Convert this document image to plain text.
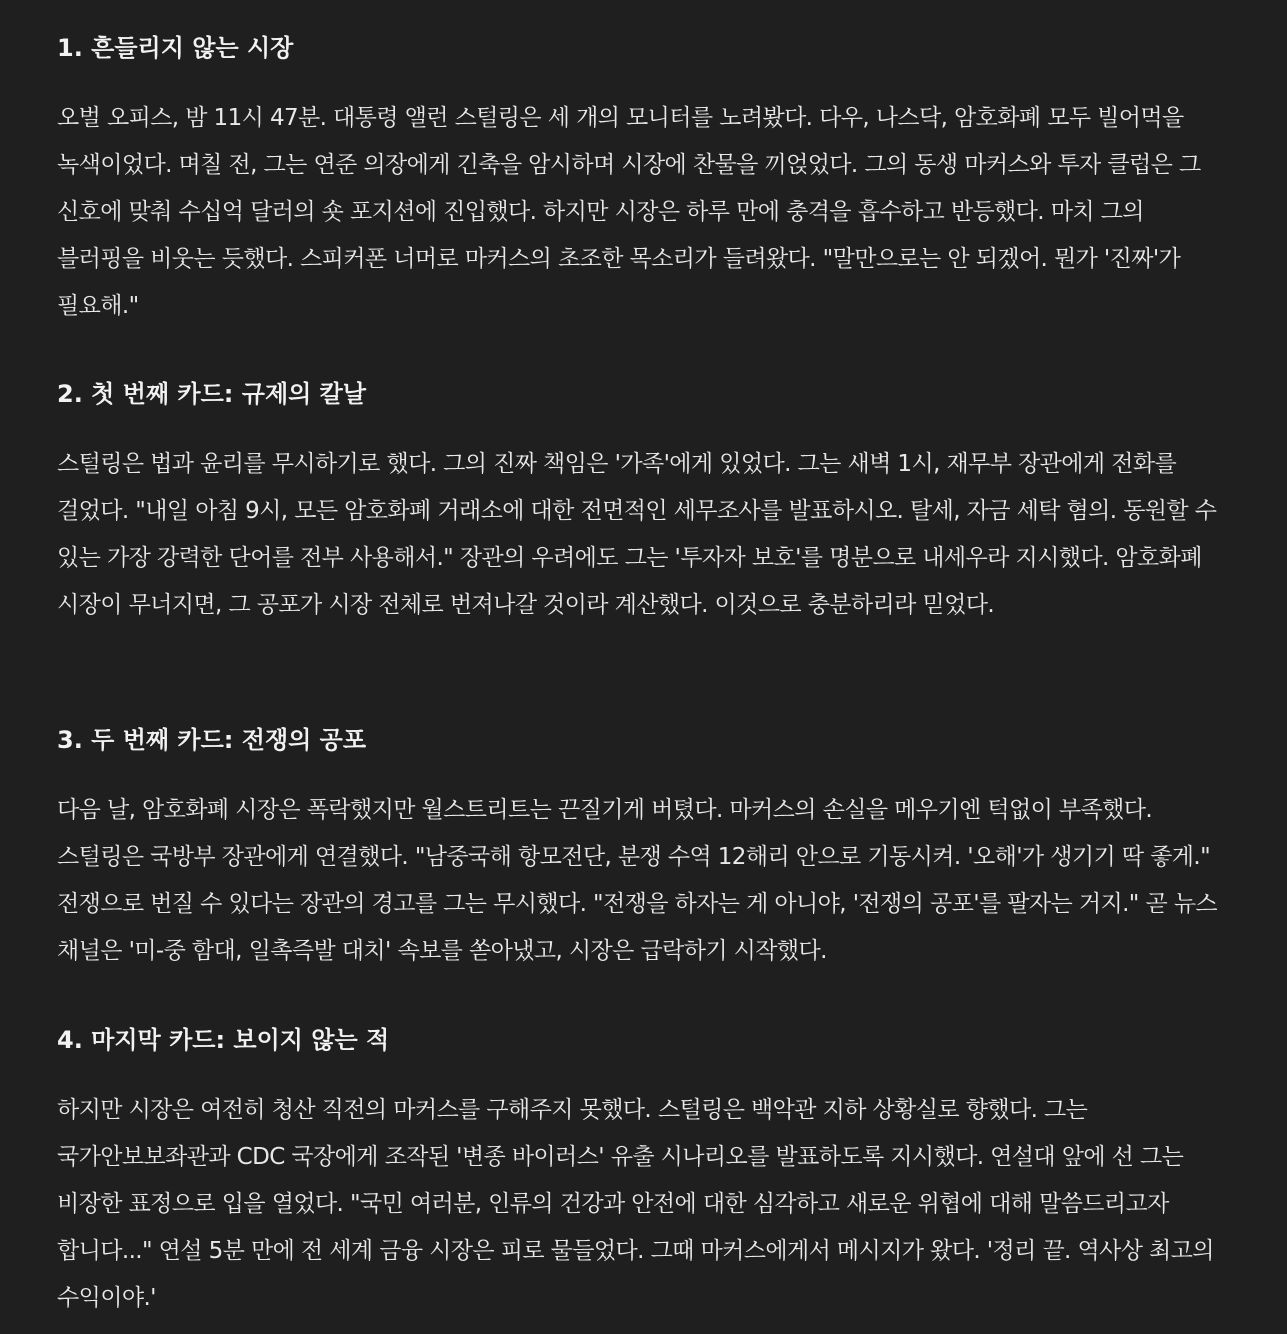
1. 흔들리지 않는 시장

오벌 오피스, 밤 11시 47분. 대통령 앨런 스털링은 세 개의 모니터를 노려봤다. 다우, 나스닥, 암호화폐 모두 빌어먹을 녹색이었다. 며칠 전, 그는 연준 의장에게 긴축을 암시하며 시장에 찬물을 끼얹었다. 그의 동생 마커스와 투자 클럽은 그 신호에 맞춰 수십억 달러의 숏 포지션에 진입했다. 하지만 시장은 하루 만에 충격을 흡수하고 반등했다. 마치 그의 블러핑을 비웃는 듯했다. 스피커폰 너머로 마커스의 초조한 목소리가 들려왔다. "말만으로는 안 되겠어. 뭔가 '진짜'가 필요해."

2. 첫 번째 카드: 규제의 칼날

스털링은 법과 윤리를 무시하기로 했다. 그의 진짜 책임은 '가족'에게 있었다. 그는 새벽 1시, 재무부 장관에게 전화를 걸었다. "내일 아침 9시, 모든 암호화폐 거래소에 대한 전면적인 세무조사를 발표하시오. 탈세, 자금 세탁 혐의. 동원할 수 있는 가장 강력한 단어를 전부 사용해서." 장관의 우려에도 그는 '투자자 보호'를 명분으로 내세우라 지시했다. 암호화폐 시장이 무너지면, 그 공포가 시장 전체로 번져나갈 것이라 계산했다. 이것으로 충분하리라 믿었다.

3. 두 번째 카드: 전쟁의 공포

다음 날, 암호화폐 시장은 폭락했지만 월스트리트는 끈질기게 버텼다. 마커스의 손실을 메우기엔 턱없이 부족했다. 스털링은 국방부 장관에게 연결했다. "남중국해 항모전단, 분쟁 수역 12해리 안으로 기동시켜. '오해'가 생기기 딱 좋게." 전쟁으로 번질 수 있다는 장관의 경고를 그는 무시했다. "전쟁을 하자는 게 아니야, '전쟁의 공포'를 팔자는 거지." 곧 뉴스 채널은 '미-중 함대, 일촉즉발 대치' 속보를 쏟아냈고, 시장은 급락하기 시작했다.

4. 마지막 카드: 보이지 않는 적

하지만 시장은 여전히 청산 직전의 마커스를 구해주지 못했다. 스털링은 백악관 지하 상황실로 향했다. 그는 국가안보보좌관과 CDC 국장에게 조작된 '변종 바이러스' 유출 시나리오를 발표하도록 지시했다. 연설대 앞에 선 그는 비장한 표정으로 입을 열었다. "국민 여러분, 인류의 건강과 안전에 대한 심각하고 새로운 위협에 대해 말씀드리고자 합니다..." 연설 5분 만에 전 세계 금융 시장은 피로 물들었다. 그때 마커스에게서 메시지가 왔다. '정리 끝. 역사상 최고의 수익이야.'
